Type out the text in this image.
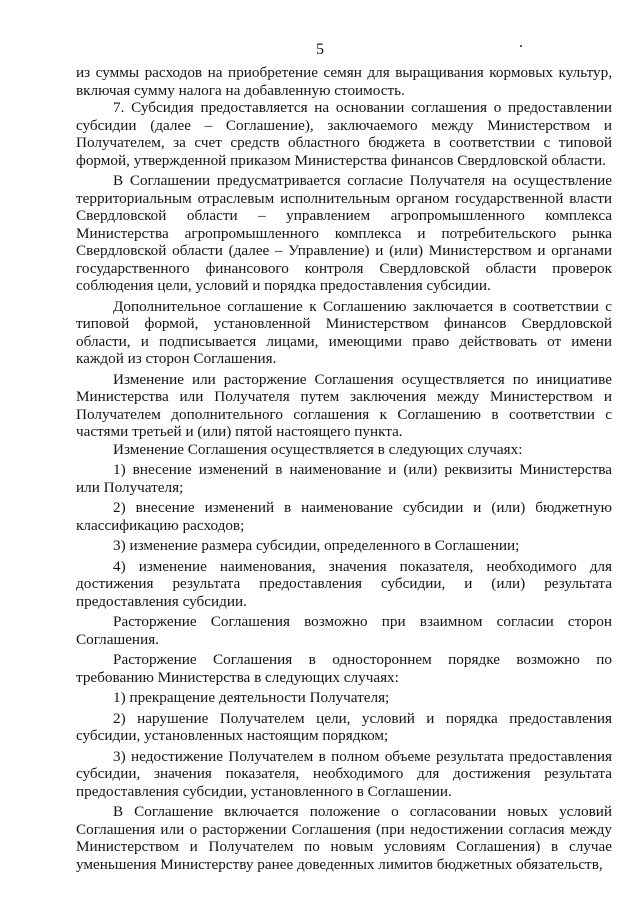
5

из суммы расходов на приобретение семян для выращивания кормовых культур, включая сумму налога на добавленную стоимость.

7. Субсидия предоставляется на основании соглашения о предоставлении субсидии (далее – Соглашение), заключаемого между Министерством и Получателем, за счет средств областного бюджета в соответствии с типовой формой, утвержденной приказом Министерства финансов Свердловской области.

В Соглашении предусматривается согласие Получателя на осуществление территориальным отраслевым исполнительным органом государственной власти Свердловской области – управлением агропромышленного комплекса Министерства агропромышленного комплекса и потребительского рынка Свердловской области (далее – Управление) и (или) Министерством и органами государственного финансового контроля Свердловской области проверок соблюдения цели, условий и порядка предоставления субсидии.

Дополнительное соглашение к Соглашению заключается в соответствии с типовой формой, установленной Министерством финансов Свердловской области, и подписывается лицами, имеющими право действовать от имени каждой из сторон Соглашения.

Изменение или расторжение Соглашения осуществляется по инициативе Министерства или Получателя путем заключения между Министерством и Получателем дополнительного соглашения к Соглашению в соответствии с частями третьей и (или) пятой настоящего пункта.

Изменение Соглашения осуществляется в следующих случаях:

1) внесение изменений в наименование и (или) реквизиты Министерства или Получателя;

2) внесение изменений в наименование субсидии и (или) бюджетную классификацию расходов;

3) изменение размера субсидии, определенного в Соглашении;

4) изменение наименования, значения показателя, необходимого для достижения результата предоставления субсидии, и (или) результата предоставления субсидии.

Расторжение Соглашения возможно при взаимном согласии сторон Соглашения.

Расторжение Соглашения в одностороннем порядке возможно по требованию Министерства в следующих случаях:

1) прекращение деятельности Получателя;

2) нарушение Получателем цели, условий и порядка предоставления субсидии, установленных настоящим порядком;

3) недостижение Получателем в полном объеме результата предоставления субсидии, значения показателя, необходимого для достижения результата предоставления субсидии, установленного в Соглашении.

В Соглашение включается положение о согласовании новых условий Соглашения или о расторжении Соглашения (при недостижении согласия между Министерством и Получателем по новым условиям Соглашения) в случае уменьшения Министерству ранее доведенных лимитов бюджетных обязательств,
